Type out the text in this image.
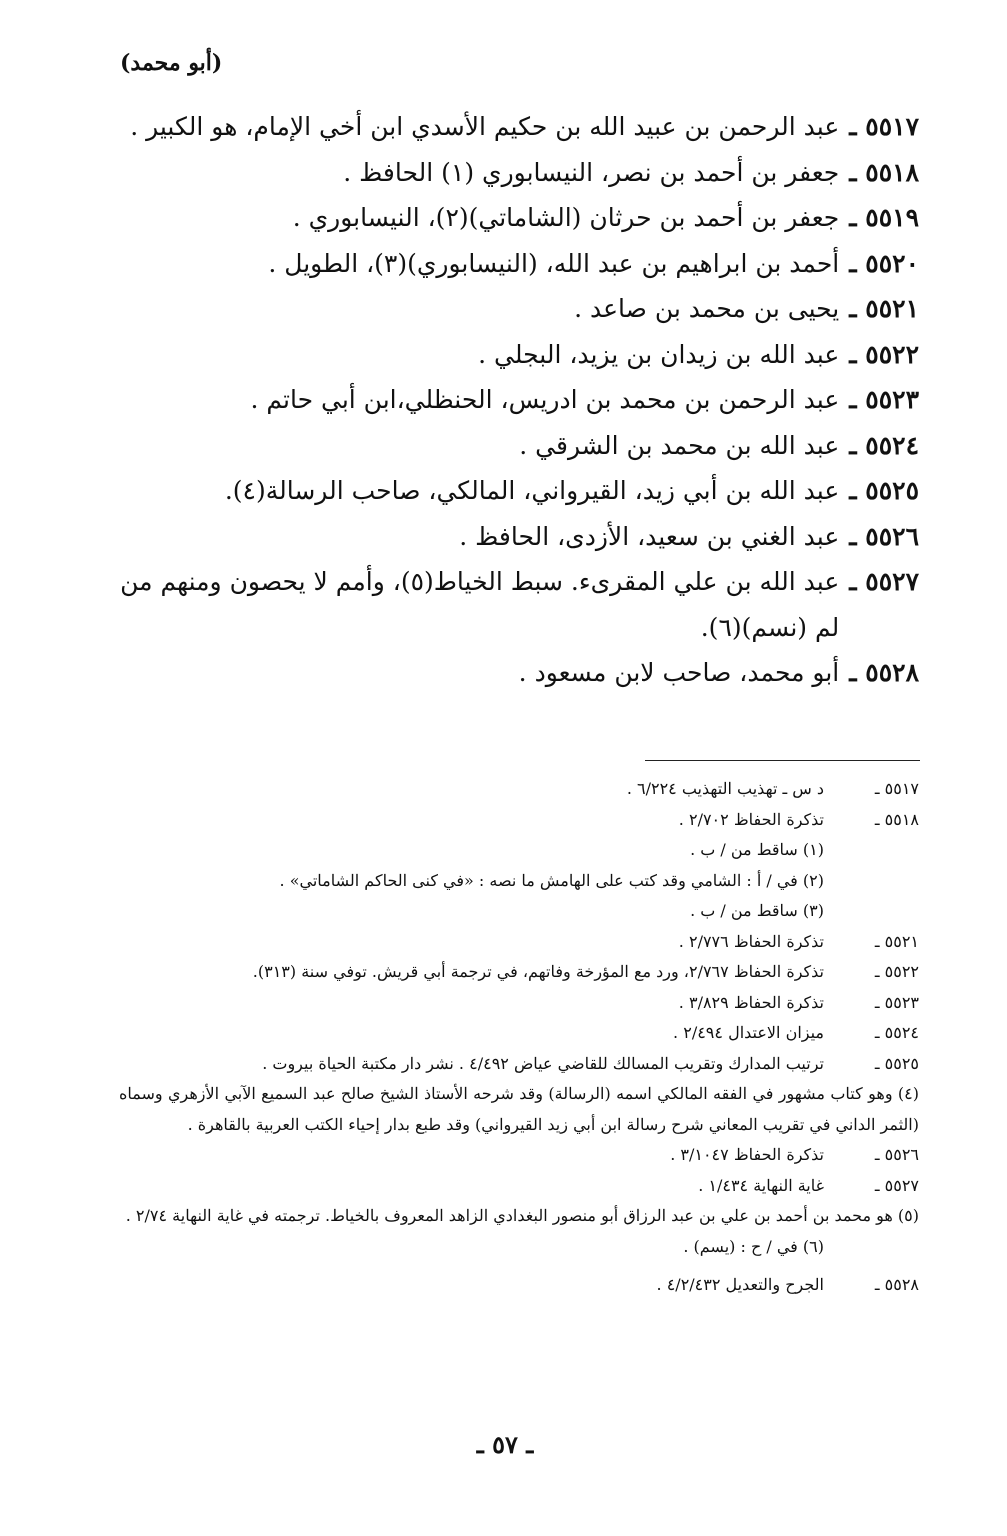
(أبو محمد)
٥٥١٧ ـ
عبد الرحمن بن عبيد الله بن حكيم الأسدي ابن أخي الإمام، هو الكبير .
٥٥١٨ ـ
جعفر بن أحمد بن نصر، النيسابوري (١) الحافظ .
٥٥١٩ ـ
جعفر بن أحمد بن حرثان (الشاماتي)(٢)، النيسابوري .
٥٥٢٠ ـ
أحمد بن ابراهيم بن عبد الله، (النيسابوري)(٣)، الطويل .
٥٥٢١ ـ
يحيى بن محمد بن صاعد .
٥٥٢٢ ـ
عبد الله بن زيدان بن يزيد، البجلي .
٥٥٢٣ ـ
عبد الرحمن بن محمد بن ادريس، الحنظلي،ابن أبي حاتم .
٥٥٢٤ ـ
عبد الله بن محمد بن الشرقي .
٥٥٢٥ ـ
عبد الله بن أبي زيد، القيرواني، المالكي، صاحب الرسالة(٤).
٥٥٢٦ ـ
عبد الغني بن سعيد، الأزدى، الحافظ .
٥٥٢٧ ـ
عبد الله بن علي المقرىء. سبط الخياط(٥)، وأمم لا يحصون ومنهم من لم (نسم)(٦).
٥٥٢٨ ـ
أبو محمد، صاحب لابن مسعود .
٥٥١٧ ـ
د س ـ تهذيب التهذيب ٦/٢٢٤ .
٥٥١٨ ـ
تذكرة الحفاظ ٢/٧٠٢ .
(١) ساقط من / ب .
(٢) في / أ : الشامي وقد كتب على الهامش ما نصه : «في كنى الحاكم الشاماتي» .
(٣) ساقط من / ب .
٥٥٢١ ـ
تذكرة الحفاظ ٢/٧٧٦ .
٥٥٢٢ ـ
تذكرة الحفاظ ٢/٧٦٧، ورد مع المؤرخة وفاتهم، في ترجمة أبي قريش. توفي سنة (٣١٣).
٥٥٢٣ ـ
تذكرة الحفاظ ٣/٨٢٩ .
٥٥٢٤ ـ
ميزان الاعتدال ٢/٤٩٤ .
٥٥٢٥ ـ
ترتيب المدارك وتقريب المسالك للقاضي عياض ٤/٤٩٢ . نشر دار مكتبة الحياة بيروت .
(٤) وهو كتاب مشهور في الفقه المالكي اسمه (الرسالة) وقد شرحه الأستاذ الشيخ صالح عبد السميع الآبي الأزهري وسماه (الثمر الداني في تقريب المعاني شرح رسالة ابن أبي زيد القيرواني) وقد طبع بدار إحياء الكتب العربية بالقاهرة .
٥٥٢٦ ـ
تذكرة الحفاظ ٣/١٠٤٧ .
٥٥٢٧ ـ
غاية النهاية ١/٤٣٤ .
(٥) هو محمد بن أحمد بن علي بن عبد الرزاق أبو منصور البغدادي الزاهد المعروف بالخياط. ترجمته في غاية النهاية ٢/٧٤ .
(٦) في / ح : (يسم) .
٥٥٢٨ ـ
الجرح والتعديل ٤/٢/٤٣٢ .
ـ ٥٧ ـ
